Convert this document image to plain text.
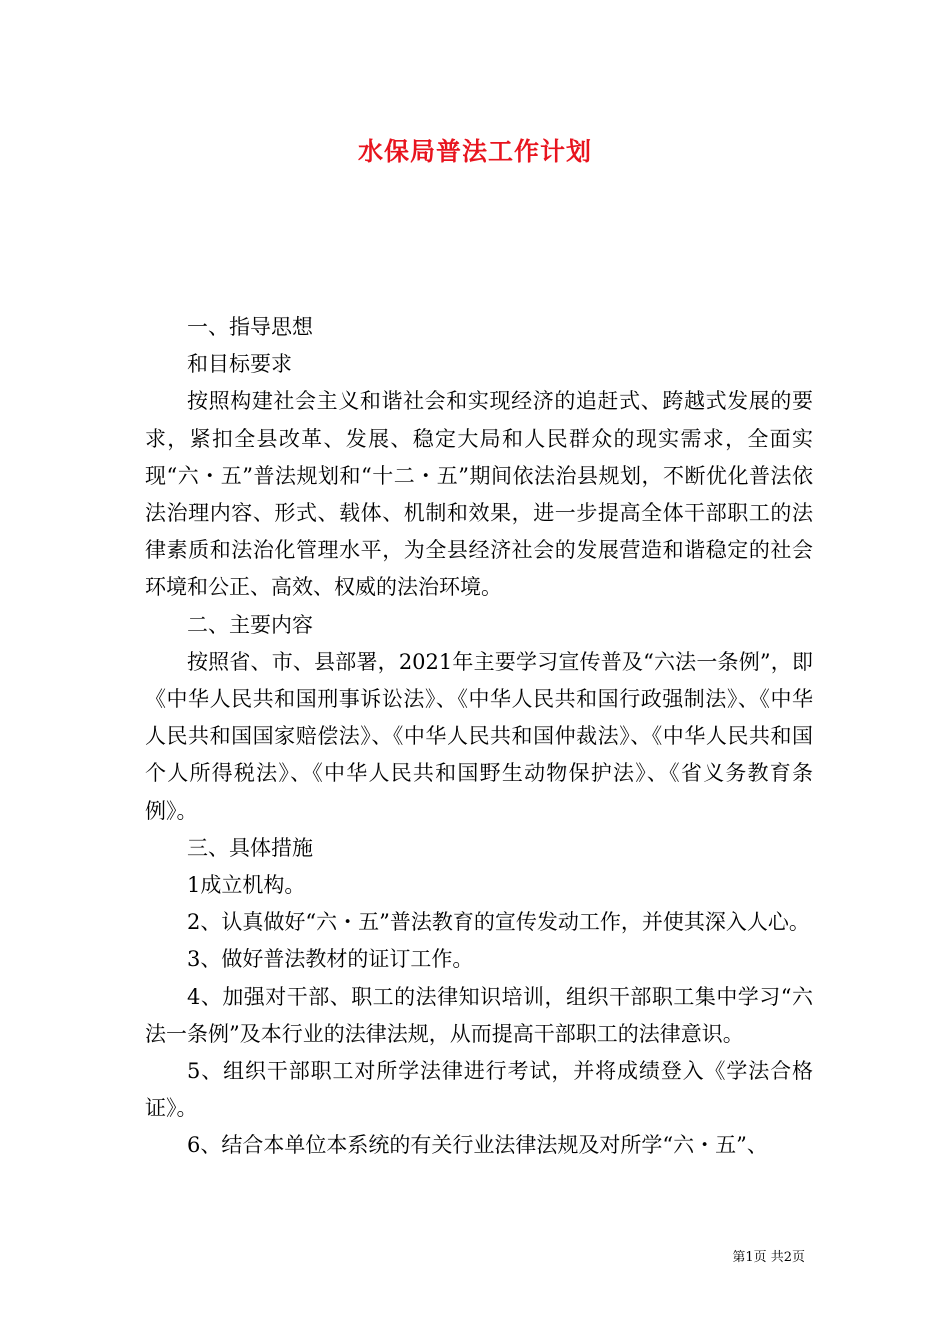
水保局普法工作计划

一、指导思想

和目标要求

按照构建社会主义和谐社会和实现经济的追赶式、跨越式发展的要求，紧扣全县改革、发展、稳定大局和人民群众的现实需求，全面实现“六・五”普法规划和“十二・五”期间依法治县规划，不断优化普法依法治理内容、形式、载体、机制和效果，进一步提高全体干部职工的法律素质和法治化管理水平，为全县经济社会的发展营造和谐稳定的社会环境和公正、高效、权威的法治环境。

二、主要内容

按照省、市、县部署，2021年主要学习宣传普及“六法一条例”，即《中华人民共和国刑事诉讼法》、《中华人民共和国行政强制法》、《中华人民共和国国家赔偿法》、《中华人民共和国仲裁法》、《中华人民共和国个人所得税法》、《中华人民共和国野生动物保护法》、《省义务教育条例》。

三、具体措施

1成立机构。

2、认真做好“六・五”普法教育的宣传发动工作，并使其深入人心。

3、做好普法教材的证订工作。

4、加强对干部、职工的法律知识培训，组织干部职工集中学习“六法一条例”及本行业的法律法规，从而提高干部职工的法律意识。

5、组织干部职工对所学法律进行考试，并将成绩登入《学法合格证》。

6、结合本单位本系统的有关行业法律法规及对所学“六・五”、

第1页 共2页
